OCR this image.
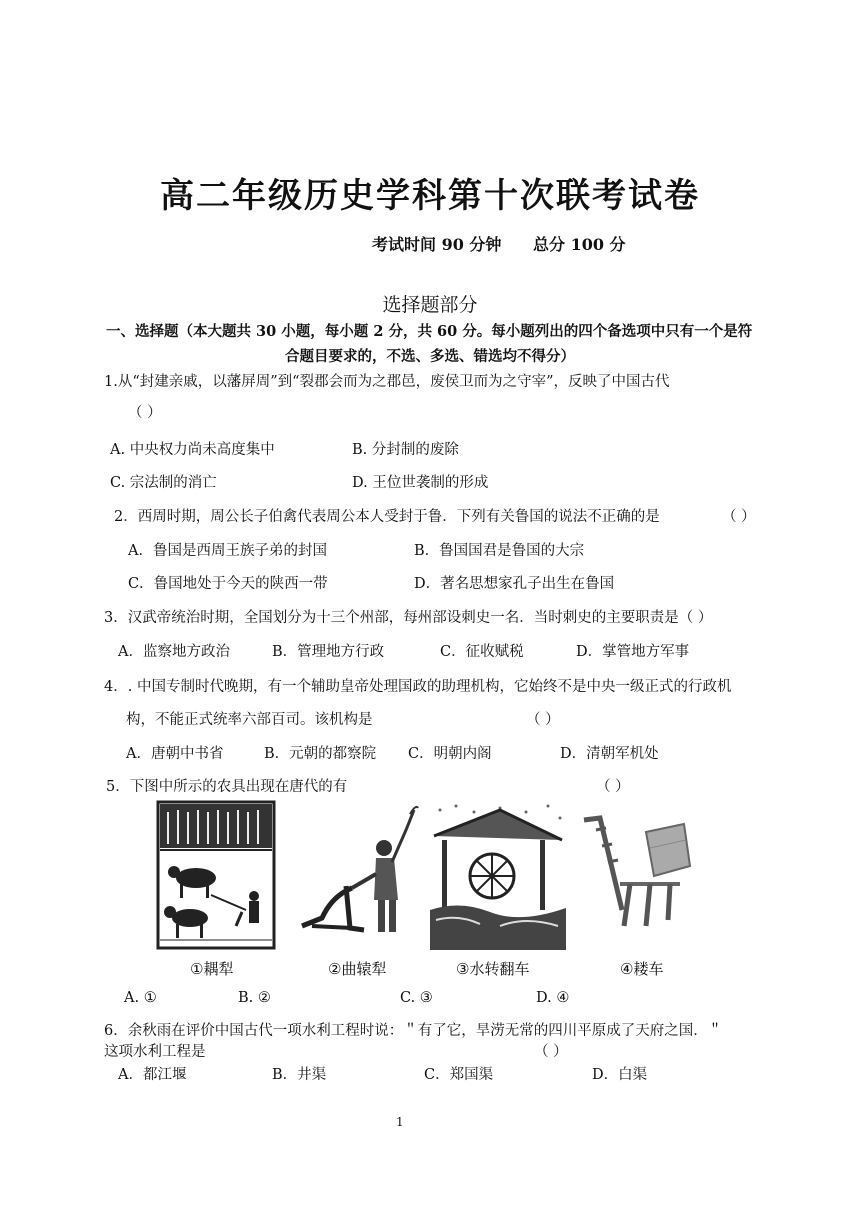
高二年级历史学科第十次联考试卷
考试时间 90 分钟 总分 100 分
选择题部分
一、选择题（本大题共 30 小题，每小题 2 分，共 60 分。每小题列出的四个备选项中只有一个是符
合题目要求的，不选、多选、错选均不得分）
1.从“封建亲戚，以藩屏周”到“裂郡会而为之郡邑，废侯卫而为之守宰”，反映了中国古代
（ ）
A. 中央权力尚未高度集中	B. 分封制的废除
C. 宗法制的消亡	D. 王位世袭制的形成
2．西周时期，周公长子伯禽代表周公本人受封于鲁．下列有关鲁国的说法不正确的是	（ ）
A．鲁国是西周王族子弟的封国	B．鲁国国君是鲁国的大宗
C．鲁国地处于今天的陕西一带	D．著名思想家孔子出生在鲁国
3．汉武帝统治时期，全国划分为十三个州部，每州部设刺史一名．当时刺史的主要职责是（ ）
A．监察地方政治	B．管理地方行政	C．征收赋税	D．掌管地方军事
4．. 中国专制时代晚期，有一个辅助皇帝处理国政的助理机构，它始终不是中央一级正式的行政机
构，不能正式统率六部百司。该机构是	（ ）
A．唐朝中书省	B．元朝的都察院 C．明朝内阁	D．清朝军机处
5．下图中所示的农具出现在唐代的有	（ ）
①耦犁	②曲辕犁	③水转翻车	④耧车
A. ①	B. ②	C. ③	D. ④
6．余秋雨在评价中国古代一项水利工程时说：＂有了它，旱涝无常的四川平原成了天府之国．＂
这项水利工程是	（ ）
A．都江堰	B．井渠	C．郑国渠	D．白渠
1
